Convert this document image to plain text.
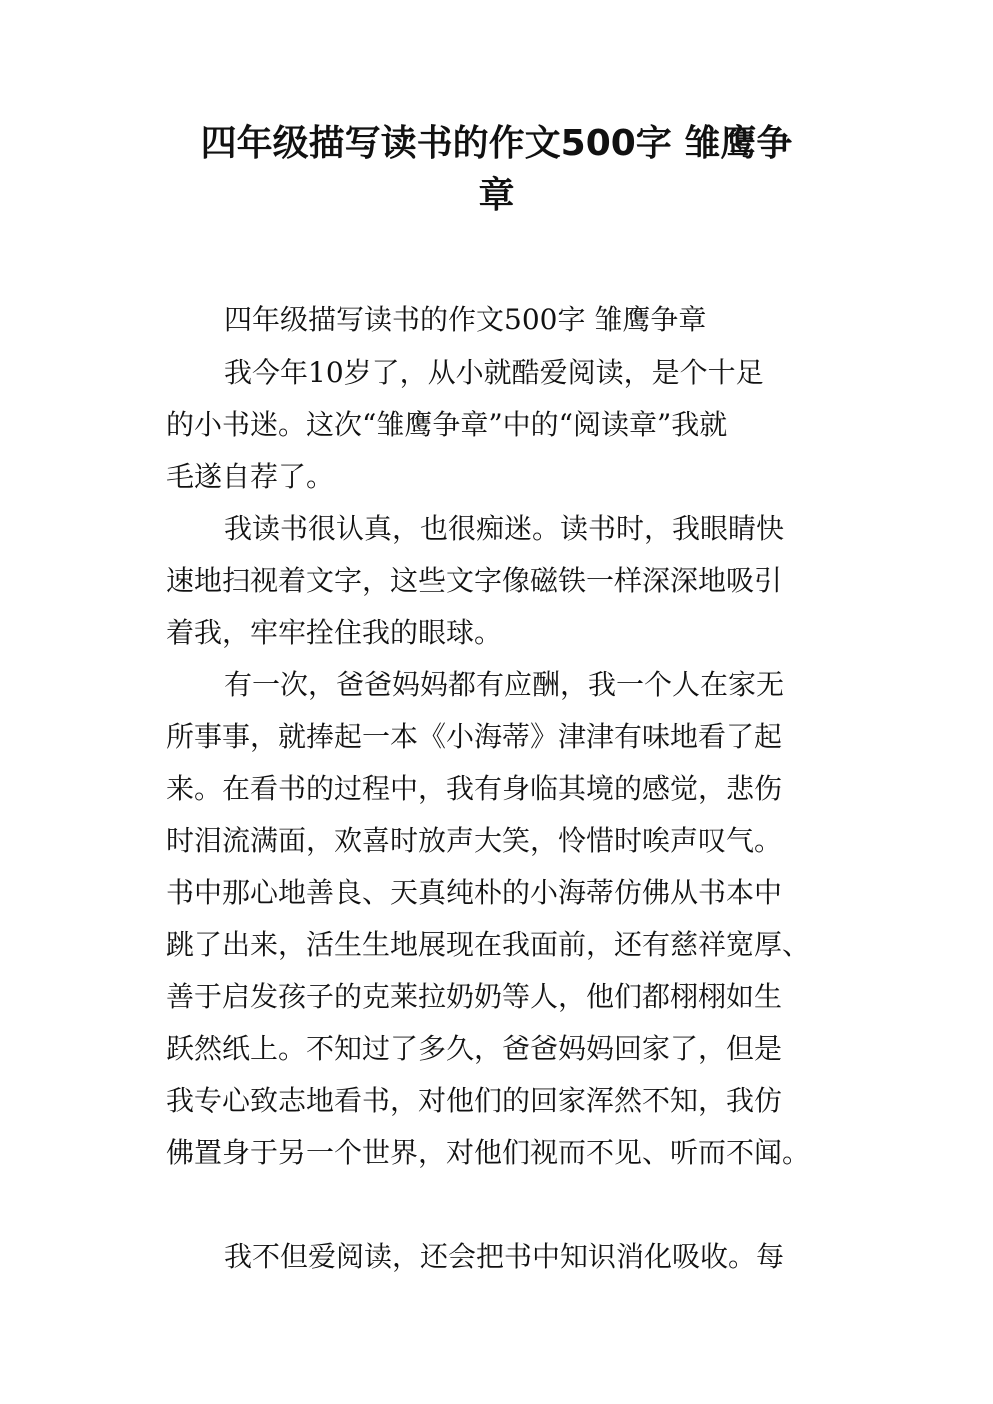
四年级描写读书的作文500字 雏鹰争
章
四年级描写读书的作文500字 雏鹰争章
我今年10岁了，从小就酷爱阅读，是个十足
的小书迷。这次“雏鹰争章”中的“阅读章”我就
毛遂自荐了。
我读书很认真，也很痴迷。读书时，我眼睛快
速地扫视着文字，这些文字像磁铁一样深深地吸引
着我，牢牢拴住我的眼球。
有一次，爸爸妈妈都有应酬，我一个人在家无
所事事，就捧起一本《小海蒂》津津有味地看了起
来。在看书的过程中，我有身临其境的感觉，悲伤
时泪流满面，欢喜时放声大笑，怜惜时唉声叹气。
书中那心地善良、天真纯朴的小海蒂仿佛从书本中
跳了出来，活生生地展现在我面前，还有慈祥宽厚、
善于启发孩子的克莱拉奶奶等人，他们都栩栩如生
跃然纸上。不知过了多久，爸爸妈妈回家了，但是
我专心致志地看书，对他们的回家浑然不知，我仿
佛置身于另一个世界，对他们视而不见、听而不闻。
我不但爱阅读，还会把书中知识消化吸收。每
